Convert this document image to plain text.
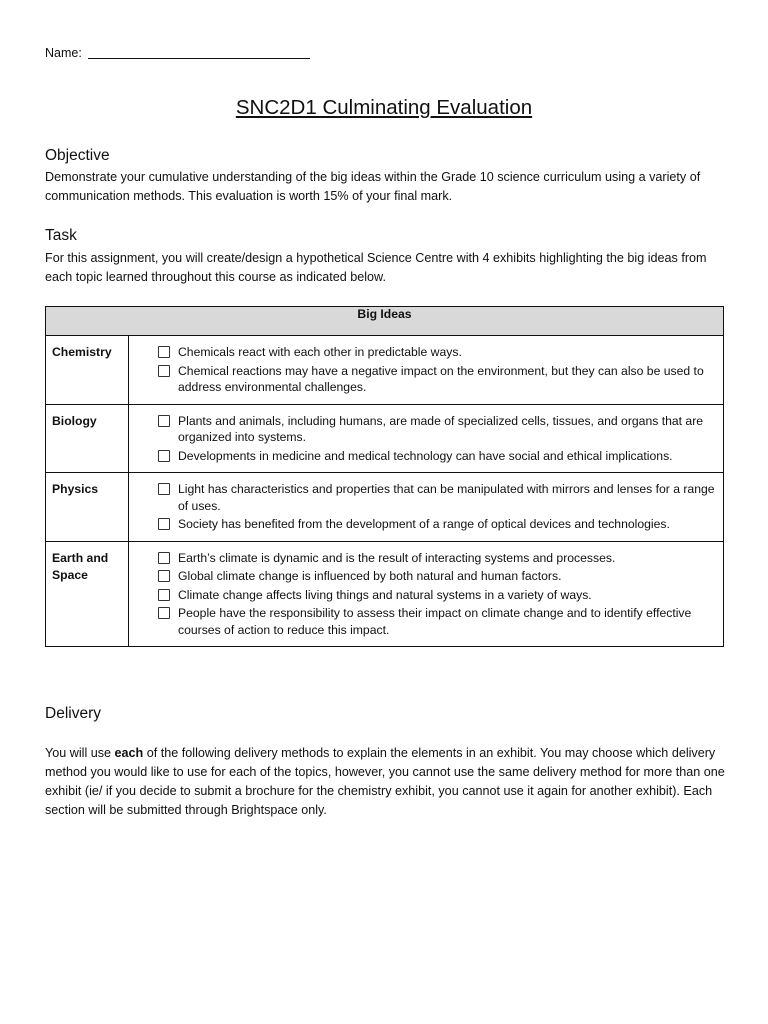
Name:
SNC2D1 Culminating Evaluation
Objective
Demonstrate your cumulative understanding of the big ideas within the Grade 10 science curriculum using a variety of communication methods. This evaluation is worth 15% of your final mark.
Task
For this assignment, you will create/design a hypothetical Science Centre with 4 exhibits highlighting the big ideas from each topic learned throughout this course as indicated below.
Big Ideas	
Chemistry	Chemicals react with each other in predictable ways.
Chemical reactions may have a negative impact on the environment, but they can also be used to address environmental challenges.

Biology	Plants and animals, including humans, are made of specialized cells, tissues, and organs that are organized into systems.
Developments in medicine and medical technology can have social and ethical implications.

Physics	Light has characteristics and properties that can be manipulated with mirrors and lenses for a range of uses.
Society has benefited from the development of a range of optical devices and technologies.

Earth and Space	Earth’s climate is dynamic and is the result of interacting systems and processes.
Global climate change is influenced by both natural and human factors.
Climate change affects living things and natural systems in a variety of ways.
People have the responsibility to assess their impact on climate change and to identify effective courses of action to reduce this impact.
Delivery
You will use each of the following delivery methods to explain the elements in an exhibit. You may choose which delivery method you would like to use for each of the topics, however, you cannot use the same delivery method for more than one exhibit (ie/ if you decide to submit a brochure for the chemistry exhibit, you cannot use it again for another exhibit). Each section will be submitted through Brightspace only.
